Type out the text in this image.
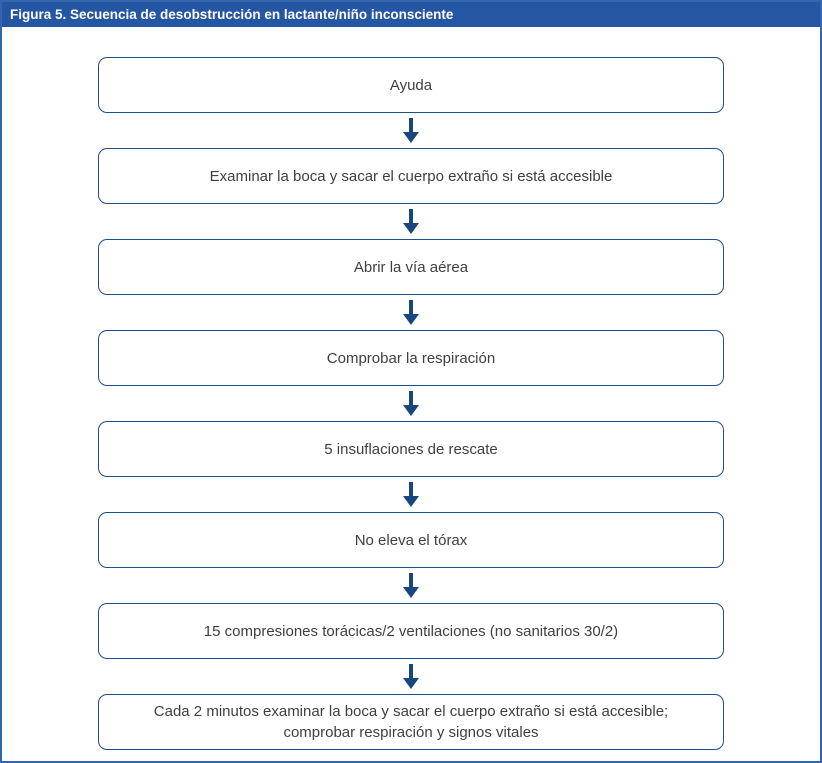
Figura 5. Secuencia de desobstrucción en lactante/niño inconsciente
Ayuda
Examinar la boca y sacar el cuerpo extraño si está accesible
Abrir la vía aérea
Comprobar la respiración
5 insuflaciones de rescate
No eleva el tórax
15 compresiones torácicas/2 ventilaciones (no sanitarios 30/2)
Cada 2 minutos examinar la boca y sacar el cuerpo extraño si está accesible; comprobar respiración y signos vitales
